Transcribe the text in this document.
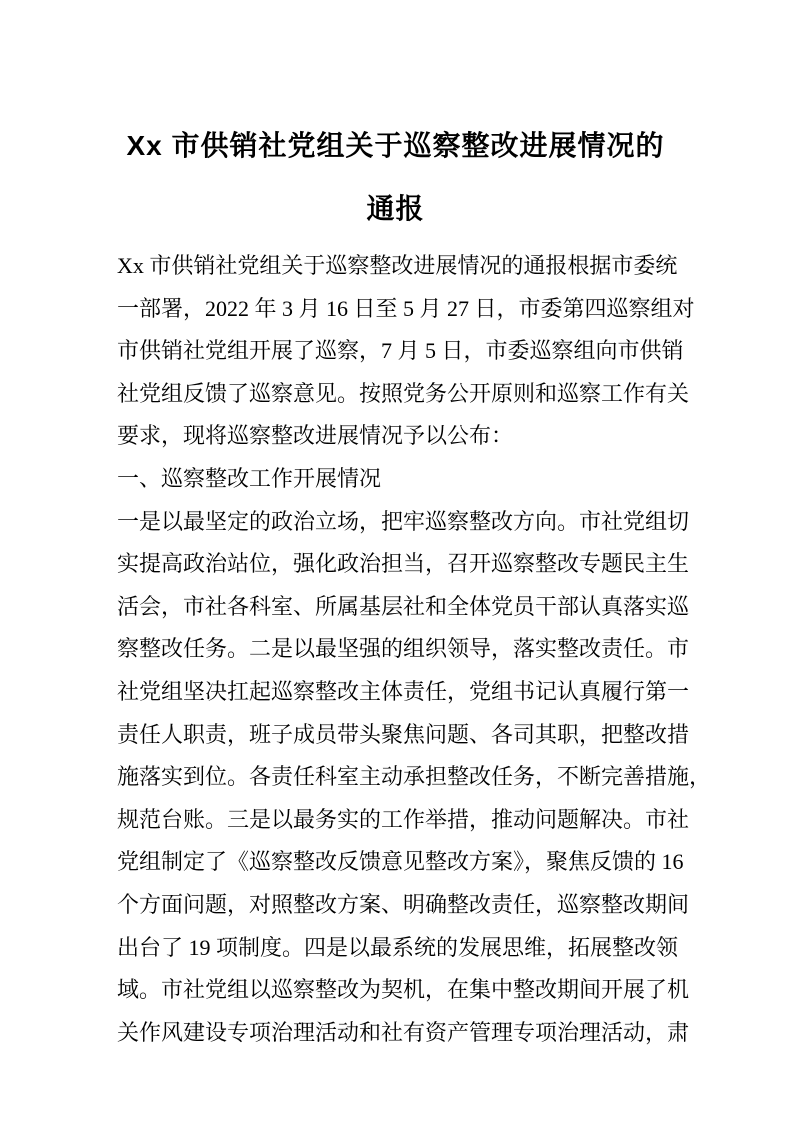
Xx 市供销社党组关于巡察整改进展情况的
通报

Xx 市供销社党组关于巡察整改进展情况的通报根据市委统
一部署，2022 年 3 月 16 日至 5 月 27 日，市委第四巡察组对
市供销社党组开展了巡察，7 月 5 日，市委巡察组向市供销
社党组反馈了巡察意见。按照党务公开原则和巡察工作有关
要求，现将巡察整改进展情况予以公布：

一、巡察整改工作开展情况

一是以最坚定的政治立场，把牢巡察整改方向。市社党组切
实提高政治站位，强化政治担当，召开巡察整改专题民主生
活会，市社各科室、所属基层社和全体党员干部认真落实巡
察整改任务。二是以最坚强的组织领导，落实整改责任。市
社党组坚决扛起巡察整改主体责任，党组书记认真履行第一
责任人职责，班子成员带头聚焦问题、各司其职，把整改措
施落实到位。各责任科室主动承担整改任务，不断完善措施，
规范台账。三是以最务实的工作举措，推动问题解决。市社
党组制定了《巡察整改反馈意见整改方案》，聚焦反馈的 16
个方面问题，对照整改方案、明确整改责任，巡察整改期间
出台了 19 项制度。四是以最系统的发展思维，拓展整改领
域。市社党组以巡察整改为契机，在集中整改期间开展了机
关作风建设专项治理活动和社有资产管理专项治理活动，肃
